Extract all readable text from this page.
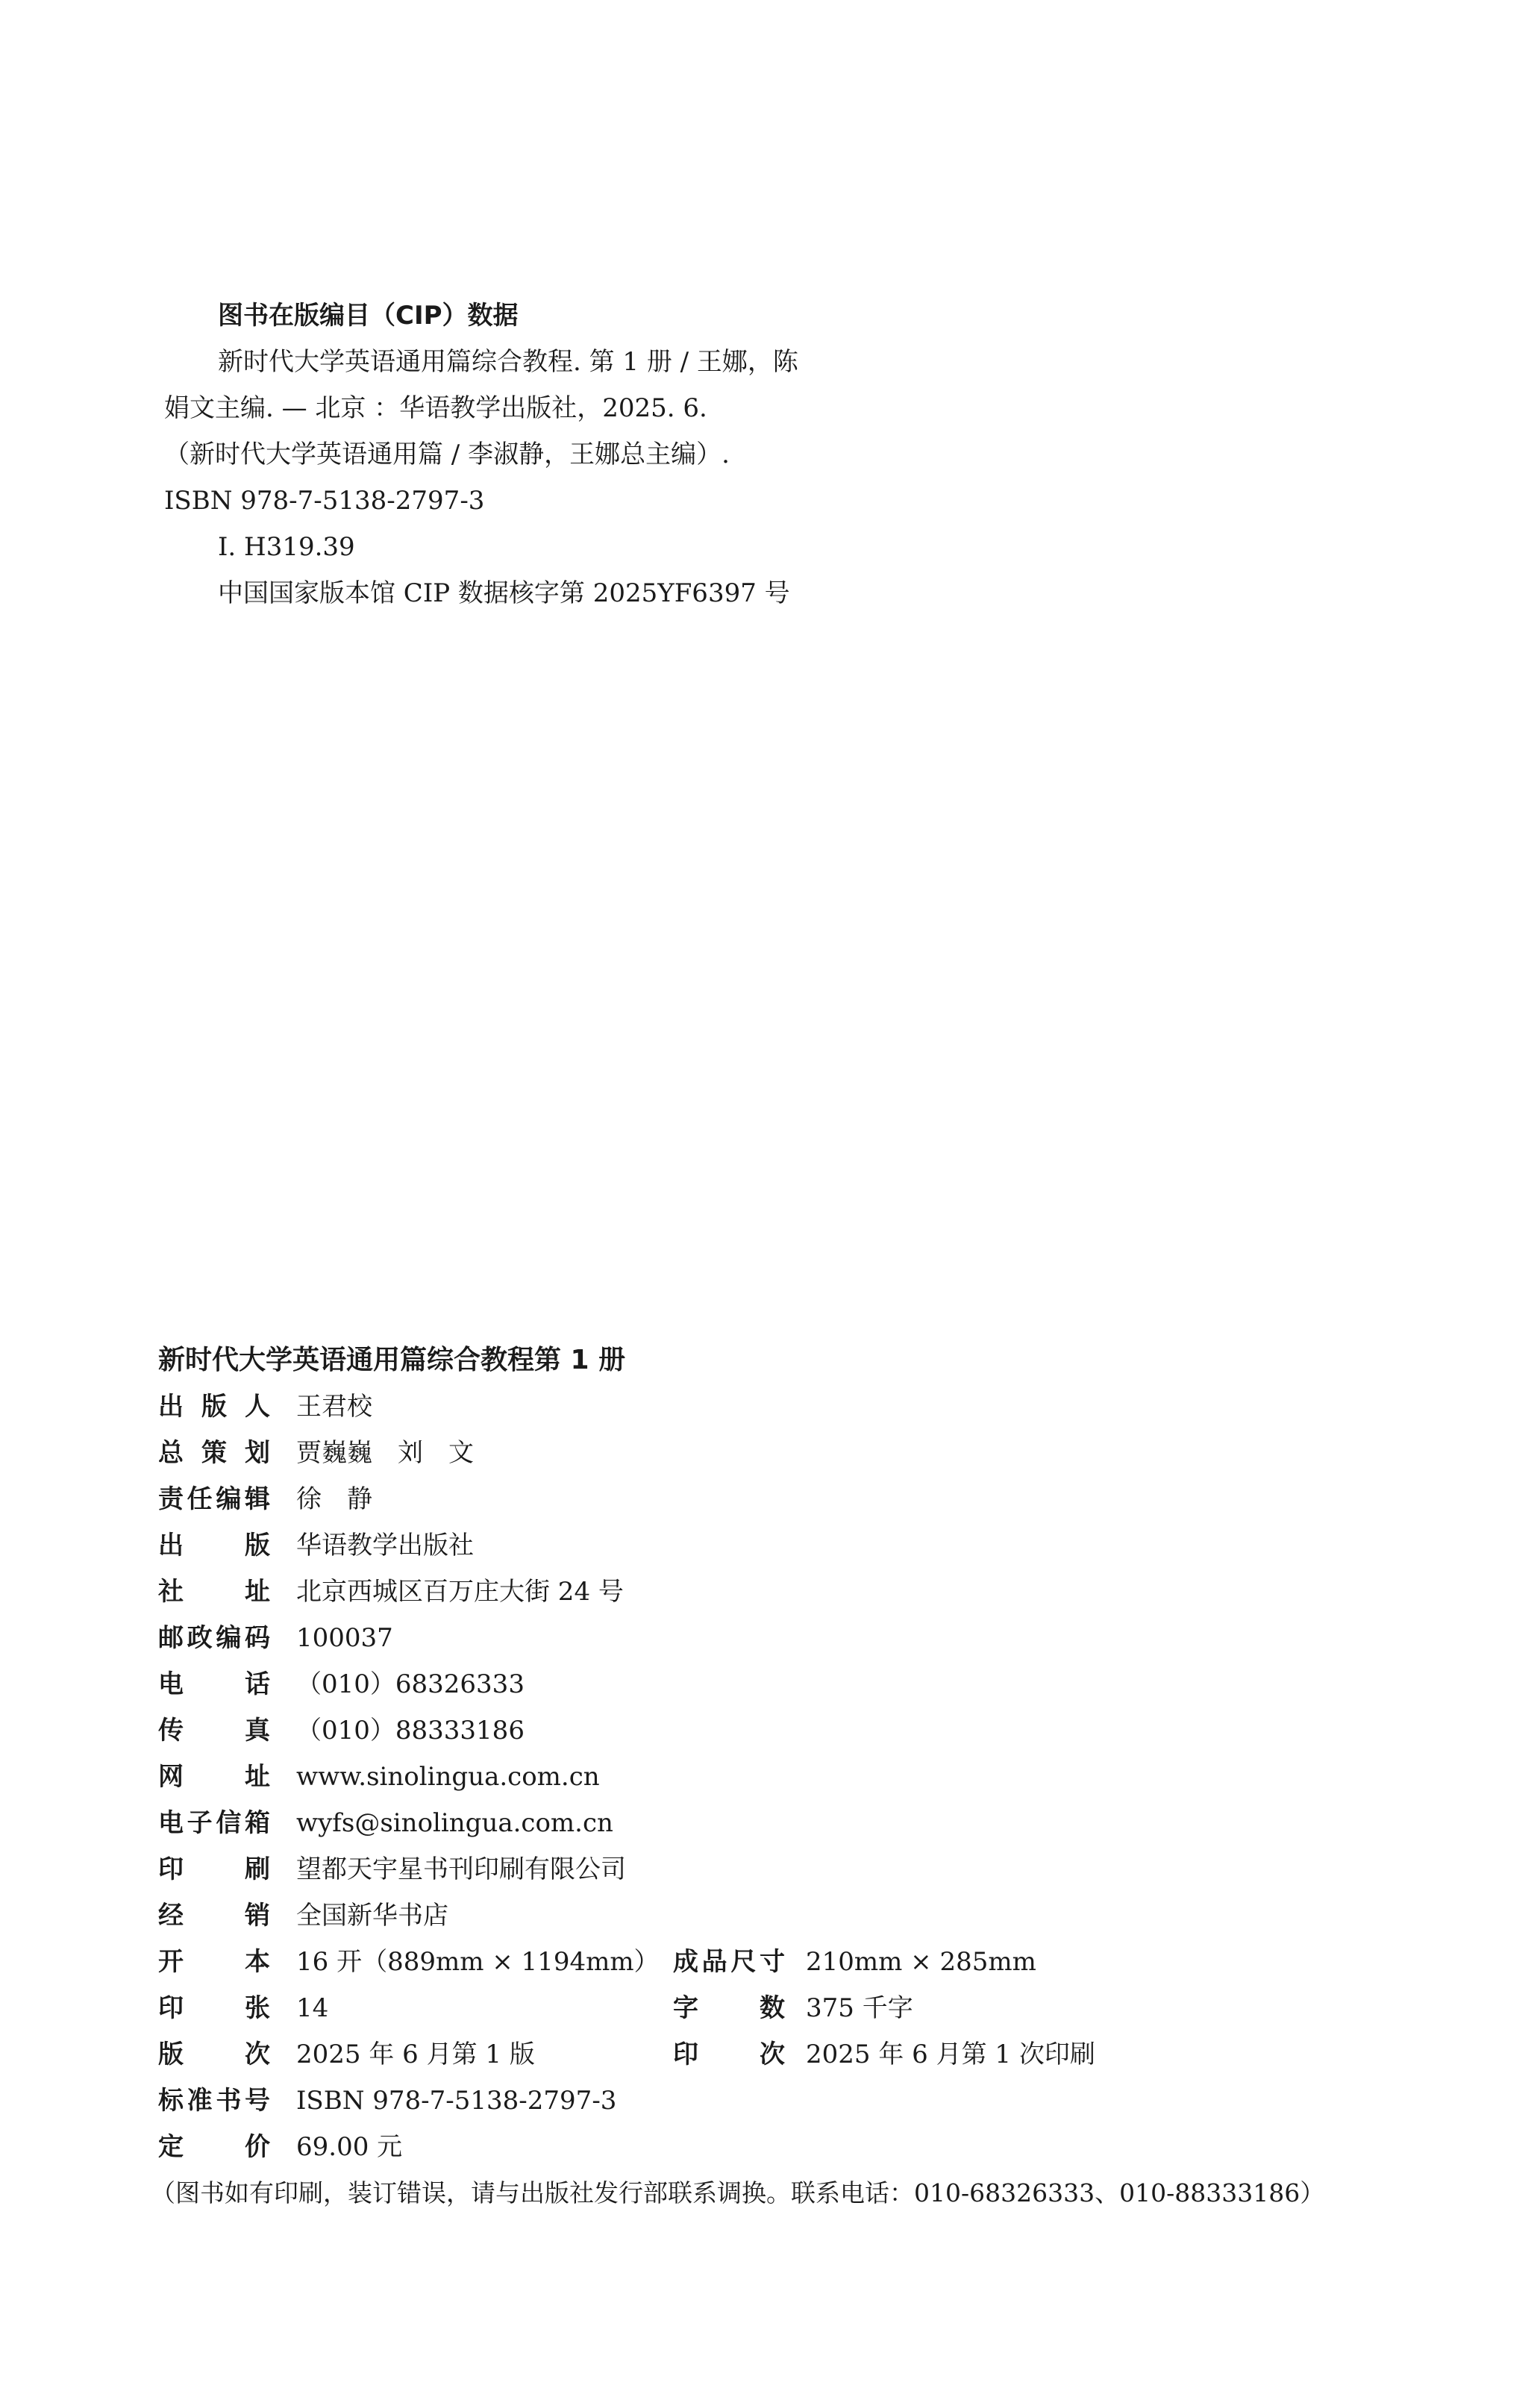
图书在版编目（CIP）数据
新时代大学英语通用篇综合教程. 第 1 册 / 王娜，陈
娟文主编. — 北京 ：华语教学出版社，2025. 6.
（新时代大学英语通用篇 / 李淑静，王娜总主编）.
ISBN 978-7-5138-2797-3
Ⅰ. H319.39
中国国家版本馆 CIP 数据核字第 2025YF6397 号
新时代大学英语通用篇综合教程第 1 册
出 版 人 王君校
总 策 划 贾巍巍　刘　文
责 任 编 辑 徐　静
出 版 华语教学出版社
社 址 北京西城区百万庄大街 24 号
邮 政 编 码 100037
电 话 （010）68326333
传 真 （010）88333186
网 址 www.sinolingua.com.cn
电 子 信 箱 wyfs@sinolingua.com.cn
印 刷 望都天宇星书刊印刷有限公司
经 销 全国新华书店
开 本 16 开（889mm × 1194mm） 成 品 尺 寸 210mm × 285mm
印 张 14	字 数 375 千字
版 次 2025 年 6 月第 1 版	印 次 2025 年 6 月第 1 次印刷
标 准 书 号 ISBN 978-7-5138-2797-3
定 价 69.00 元
（图书如有印刷，装订错误，请与出版社发行部联系调换。联系电话：010-68326333、010-88333186）
